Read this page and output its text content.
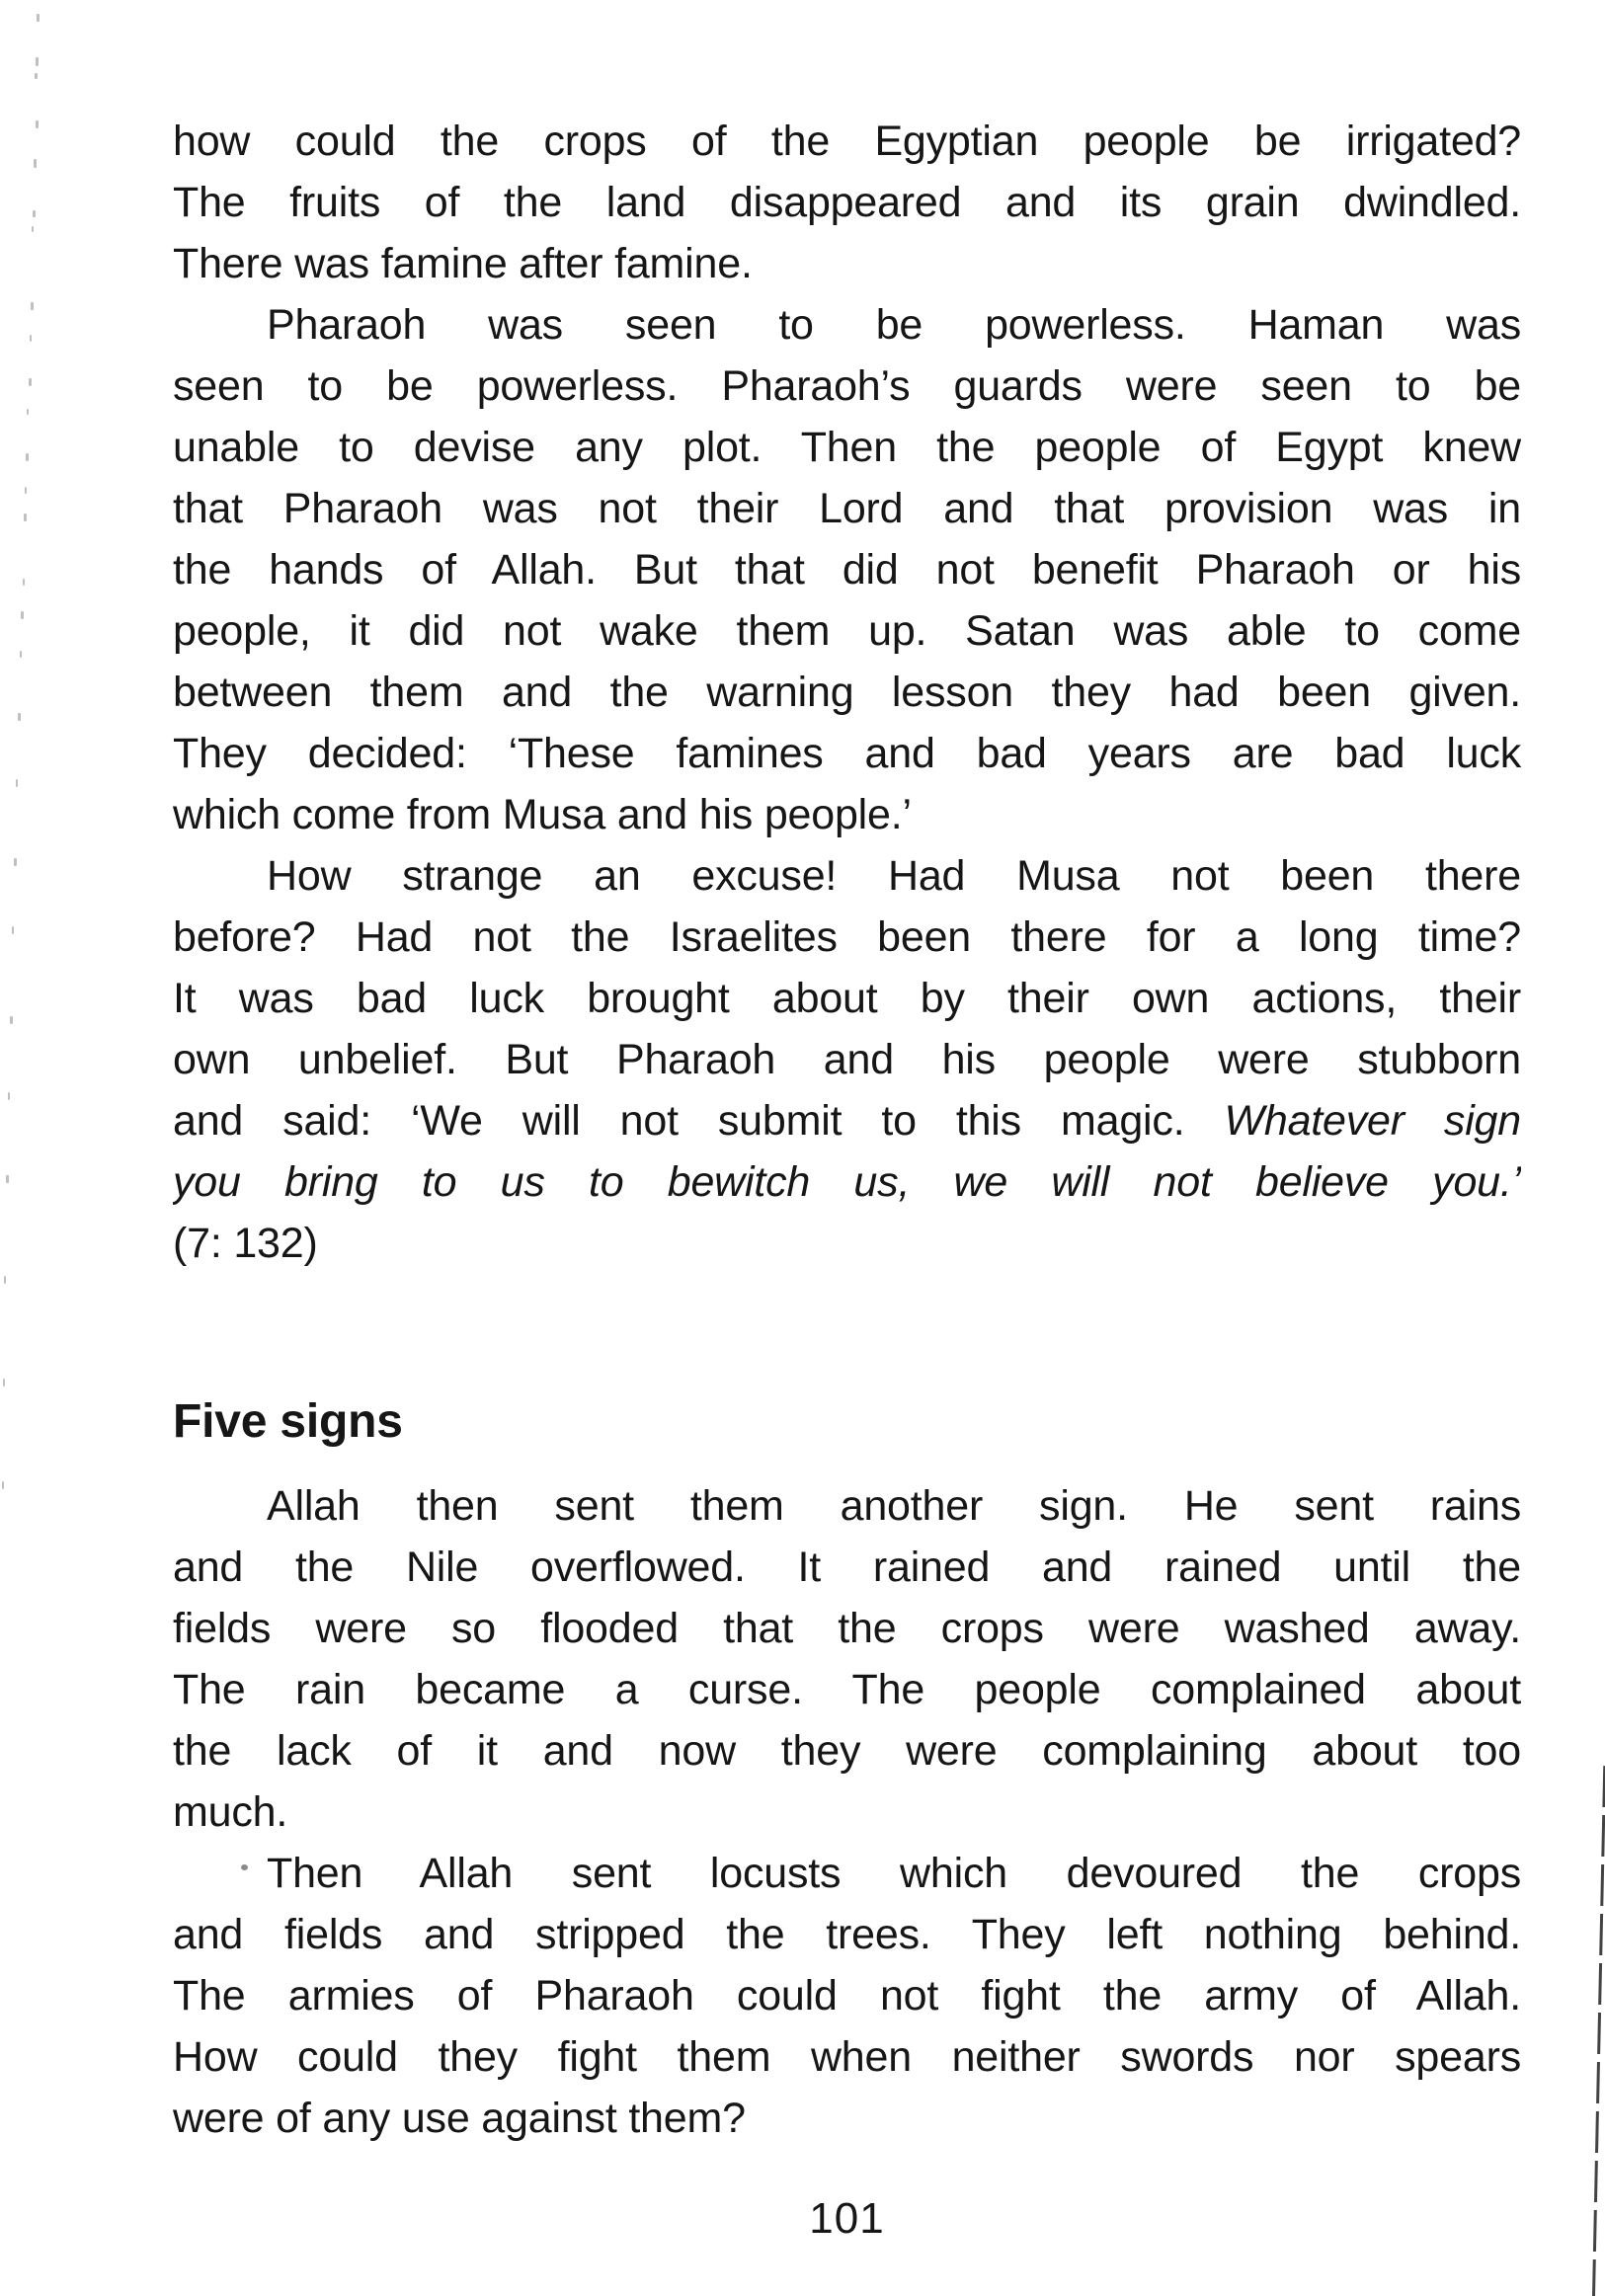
how could the crops of the Egyptian people be irrigated?
The fruits of the land disappeared and its grain dwindled.
There was famine after famine.
Pharaoh was seen to be powerless. Haman was
seen to be powerless. Pharaoh’s guards were seen to be
unable to devise any plot. Then the people of Egypt knew
that Pharaoh was not their Lord and that provision was in
the hands of Allah. But that did not benefit Pharaoh or his
people, it did not wake them up. Satan was able to come
between them and the warning lesson they had been given.
They decided: ‘These famines and bad years are bad luck
which come from Musa and his people.’
How strange an excuse! Had Musa not been there
before? Had not the Israelites been there for a long time?
It was bad luck brought about by their own actions, their
own unbelief. But Pharaoh and his people were stubborn
and said: ‘We will not submit to this magic. Whatever sign
you bring to us to bewitch us, we will not believe you.’
(7: 132)
Five signs
Allah then sent them another sign. He sent rains
and the Nile overflowed. It rained and rained until the
fields were so flooded that the crops were washed away.
The rain became a curse. The people complained about
the lack of it and now they were complaining about too
much.
Then Allah sent locusts which devoured the crops
and fields and stripped the trees. They left nothing behind.
The armies of Pharaoh could not fight the army of Allah.
How could they fight them when neither swords nor spears
were of any use against them?
101
